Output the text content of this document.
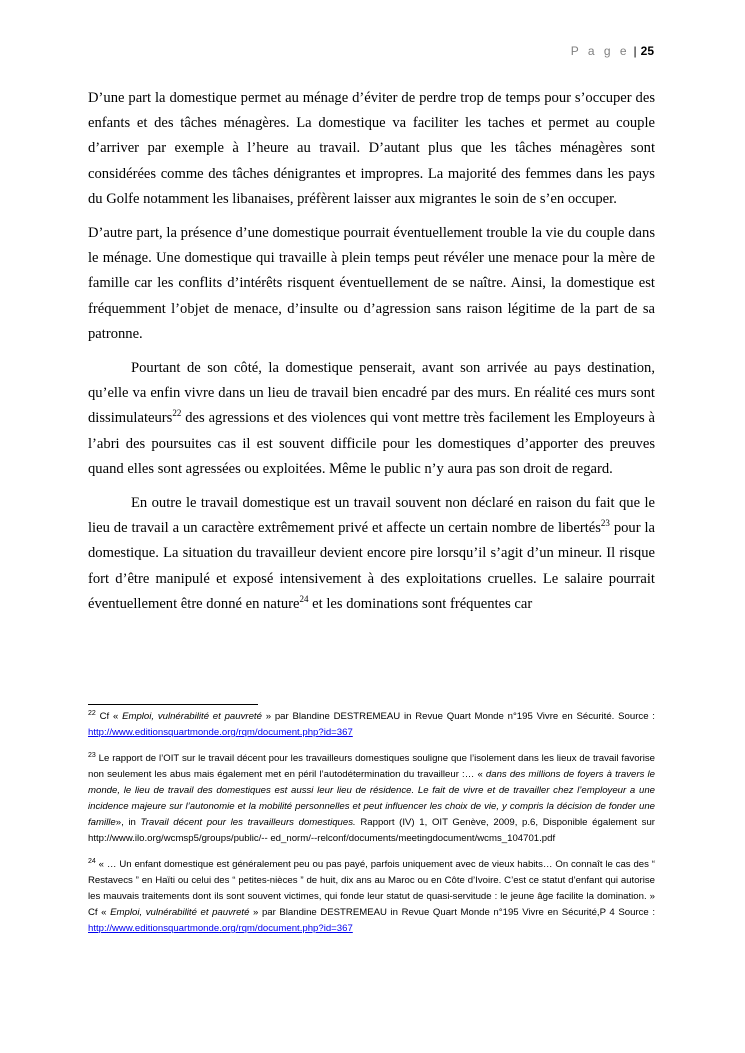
P a g e | 25

D’une part la domestique permet au ménage d’éviter de perdre trop de temps pour s’occuper des enfants et des tâches ménagères. La domestique va faciliter les taches et permet au couple d’arriver par exemple à l’heure au travail. D’autant plus que les tâches ménagères sont considérées comme des tâches dénigrantes et impropres. La majorité des femmes dans les pays du Golfe notamment les libanaises, préfèrent laisser aux migrantes le soin de s’en occuper.

D’autre part, la présence d’une domestique pourrait éventuellement trouble la vie du couple dans le ménage. Une domestique qui travaille à plein temps peut révéler une menace pour la mère de famille car les conflits d’intérêts risquent éventuellement de se naître. Ainsi, la domestique est fréquemment l’objet de menace, d’insulte ou d’agression sans raison légitime de la part de sa patronne.

Pourtant de son côté, la domestique penserait, avant son arrivée au pays destination, qu’elle va enfin vivre dans un lieu de travail bien encadré par des murs. En réalité ces murs sont dissimulateurs$^{22}$ des agressions et des violences qui vont mettre très facilement les Employeurs à l’abri des poursuites cas il est souvent difficile pour les domestiques d’apporter des preuves quand elles sont agressées ou exploitées. Même le public n’y aura pas son droit de regard.

En outre le travail domestique est un travail souvent non déclaré en raison du fait que le lieu de travail a un caractère extrêmement privé et affecte un certain nombre de libertés$^{23}$ pour la domestique. La situation du travailleur devient encore pire lorsqu’il s’agit d’un mineur. Il risque fort d’être manipulé et exposé intensivement à des exploitations cruelles. Le salaire pourrait éventuellement être donné en nature$^{24}$ et les dominations sont fréquentes car

$^{22}$ Cf « Emploi, vulnérabilité et pauvreté » par Blandine DESTREMEAU in Revue Quart Monde n°195 Vivre en Sécurité. Source : http://www.editionsquartmonde.org/rqm/document.php?id=367

$^{23}$ Le rapport de l’OIT sur le travail décent pour les travailleurs domestiques souligne que l’isolement dans les lieux de travail favorise non seulement les abus mais également met en péril l’autodétermination du travailleur :… « dans des millions de foyers à travers le monde, le lieu de travail des domestiques est aussi leur lieu de résidence. Le fait de vivre et de travailler chez l’employeur a une incidence majeure sur l’autonomie et la mobilité personnelles et peut influencer les choix de vie, y compris la décision de fonder une famille», in Travail décent pour les travailleurs domestiques. Rapport (IV) 1, OIT Genève, 2009, p.6, Disponible également sur http://www.ilo.org/wcmsp5/groups/public/-- ed_norm/--relconf/documents/meetingdocument/wcms_104701.pdf

$^{24}$ « … Un enfant domestique est généralement peu ou pas payé, parfois uniquement avec de vieux habits… On connaît le cas des “ Restavecs ” en Haïti ou celui des “ petites-nièces ” de huit, dix ans au Maroc ou en Côte d’Ivoire. C’est ce statut d’enfant qui autorise les mauvais traitements dont ils sont souvent victimes, qui fonde leur statut de quasi-servitude : le jeune âge facilite la domination. » Cf « Emploi, vulnérabilité et pauvreté » par Blandine DESTREMEAU in Revue Quart Monde n°195 Vivre en Sécurité,P 4 Source : http://www.editionsquartmonde.org/rqm/document.php?id=367
